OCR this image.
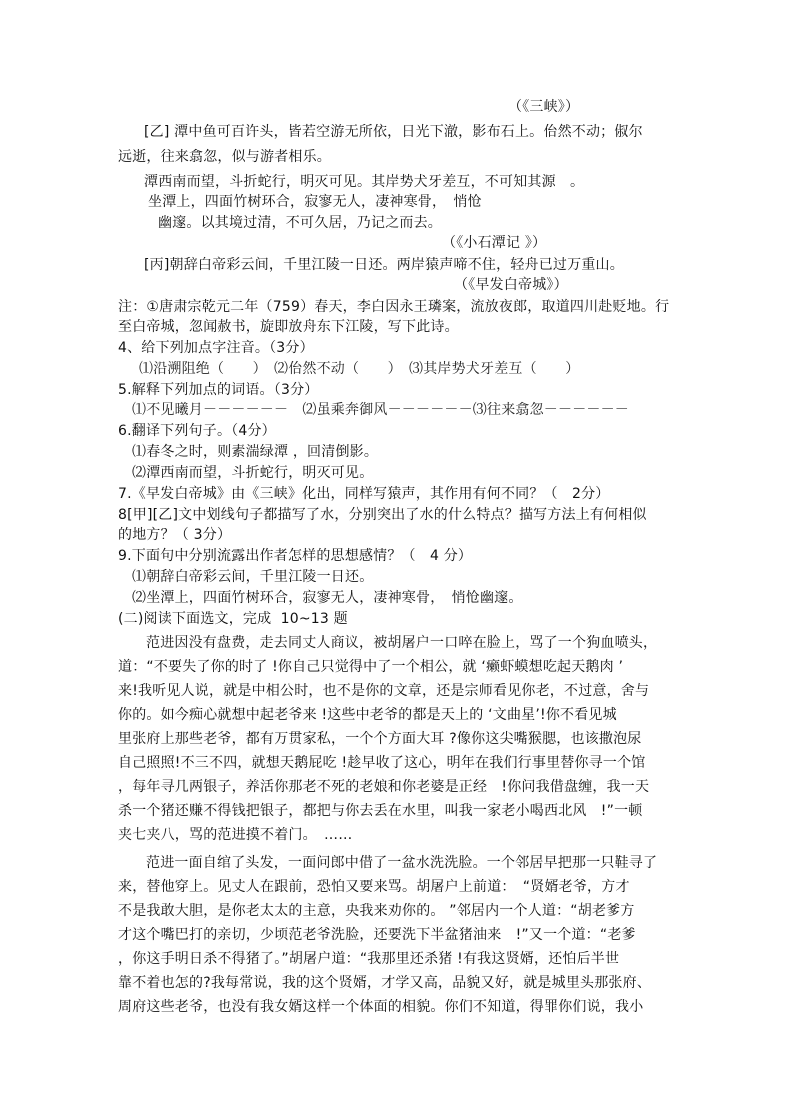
（《三峡》）
[乙] 潭中鱼可百许头，皆若空游无所依，日光下澈，影布石上。佁然不动；俶尔
远逝，往来翕忽，似与游者相乐。
潭西南而望，斗折蛇行，明灭可见。其岸势犬牙差互，不可知其源　。
坐潭上，四面竹树环合，寂寥无人，凄神寒骨，　悄怆
幽邃。以其境过清，不可久居，乃记之而去。
（《小石潭记 》）
[丙]朝辞白帝彩云间，千里江陵一日还。两岸猿声啼不住，轻舟已过万重山。
（《早发白帝城》）
注：①唐肃宗乾元二年（759）春天，李白因永王璘案，流放夜郎，取道四川赴贬地。行
至白帝城，忽闻赦书，旋即放舟东下江陵，写下此诗。
4、给下列加点字注音。（3分）
⑴沿溯阻绝（　　）　⑵佁然不动（　　）　⑶其岸势犬牙差互（　　）
5.解释下列加点的词语。（3分）
⑴不见曦月－－－－－－　⑵虽乘奔御风－－－－－－⑶往来翕忽－－－－－－
6.翻译下列句子。（4分）
⑴春冬之时，则素湍绿潭 ，回清倒影。
⑵潭西南而望，斗折蛇行，明灭可见。
7.《早发白帝城》由《三峡》化出，同样写猿声，其作用有何不同？（　2分）
8[甲][乙]文中划线句子都描写了水，分别突出了水的什么特点？描写方法上有何相似
的地方？（ 3分）
9.下面句中分别流露出作者怎样的思想感情？（　4 分）
⑴朝辞白帝彩云间，千里江陵一日还。
⑵坐潭上，四面竹树环合，寂寥无人，凄神寒骨，　悄怆幽邃。
(二)阅读下面选文，完成  10~13 题
范进因没有盘费，走去同丈人商议，被胡屠户一口啐在脸上，骂了一个狗血喷头，
道：“不要失了你的时了 !你自己只觉得中了一个相公，就 ‘癞虾蟆想吃起天鹅肉 ’
来!我听见人说，就是中相公时，也不是你的文章，还是宗师看见你老，不过意，舍与
你的。如今痴心就想中起老爷来 !这些中老爷的都是天上的 ‘文曲星’!你不看见城
里张府上那些老爷，都有万贯家私，一个个方面大耳 ?像你这尖嘴猴腮，也该撒泡尿
自己照照!不三不四，就想天鹅屁吃 !趁早收了这心，明年在我们行事里替你寻一个馆
，每年寻几两银子，养活你那老不死的老娘和你老婆是正经　!你问我借盘缠，我一天
杀一个猪还赚不得钱把银子，都把与你去丢在水里，叫我一家老小喝西北风　!”一顿
夹七夹八，骂的范进摸不着门。　……
范进一面自绾了头发，一面问郎中借了一盆水洗洗脸。一个邻居早把那一只鞋寻了
来，替他穿上。见丈人在跟前，恐怕又要来骂。胡屠户上前道：　“贤婿老爷，方才
不是我敢大胆，是你老太太的主意，央我来劝你的。 ”邻居内一个人道：“胡老爹方
才这个嘴巴打的亲切，少顷范老爷洗脸，还要洗下半盆猪油来　!”又一个道：“老爹
，你这手明日杀不得猪了。”胡屠户道：“我那里还杀猪 !有我这贤婿，还怕后半世
靠不着也怎的?我每常说，我的这个贤婿，才学又高，品貌又好，就是城里头那张府、
周府这些老爷，也没有我女婿这样一个体面的相貌。你们不知道，得罪你们说，我小
